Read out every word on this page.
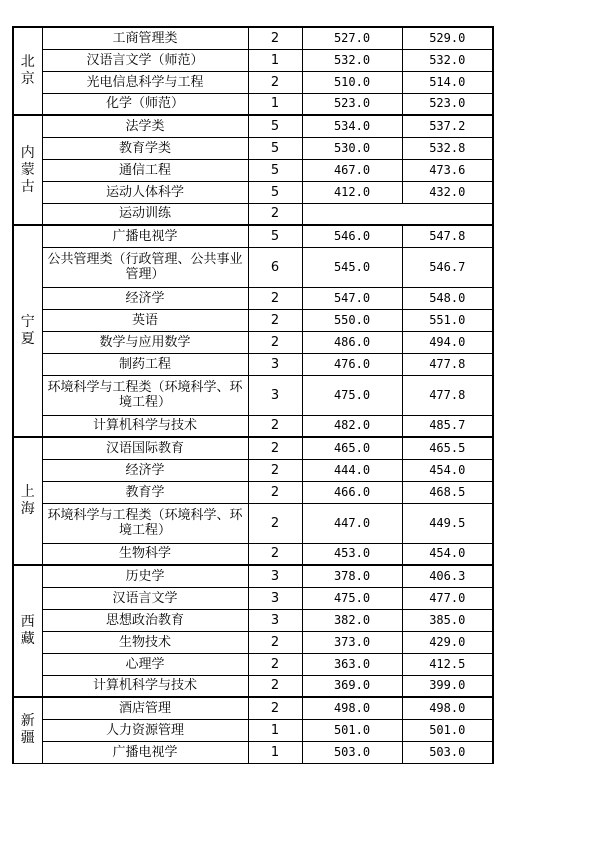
北
京	工商管理类	2	527.0	529.0
	汉语言文学（师范）	1	532.0	532.0
	光电信息科学与工程	2	510.0	514.0
	化学（师范）	1	523.0	523.0
内
蒙
古	法学类	5	534.0	537.2
	教育学类	5	530.0	532.8
	通信工程	5	467.0	473.6
	运动人体科学	5	412.0	432.0
	运动训练	2		
宁
夏	广播电视学	5	546.0	547.8
	公共管理类（行政管理、公共事业管理）	6	545.0	546.7
	经济学	2	547.0	548.0
	英语	2	550.0	551.0
	数学与应用数学	2	486.0	494.0
	制药工程	3	476.0	477.8
	环境科学与工程类（环境科学、环境工程）	3	475.0	477.8
	计算机科学与技术	2	482.0	485.7
上
海	汉语国际教育	2	465.0	465.5
	经济学	2	444.0	454.0
	教育学	2	466.0	468.5
	环境科学与工程类（环境科学、环境工程）	2	447.0	449.5
	生物科学	2	453.0	454.0
西
藏	历史学	3	378.0	406.3
	汉语言文学	3	475.0	477.0
	思想政治教育	3	382.0	385.0
	生物技术	2	373.0	429.0
	心理学	2	363.0	412.5
	计算机科学与技术	2	369.0	399.0
新
疆	酒店管理	2	498.0	498.0
	人力资源管理	1	501.0	501.0
	广播电视学	1	503.0	503.0
